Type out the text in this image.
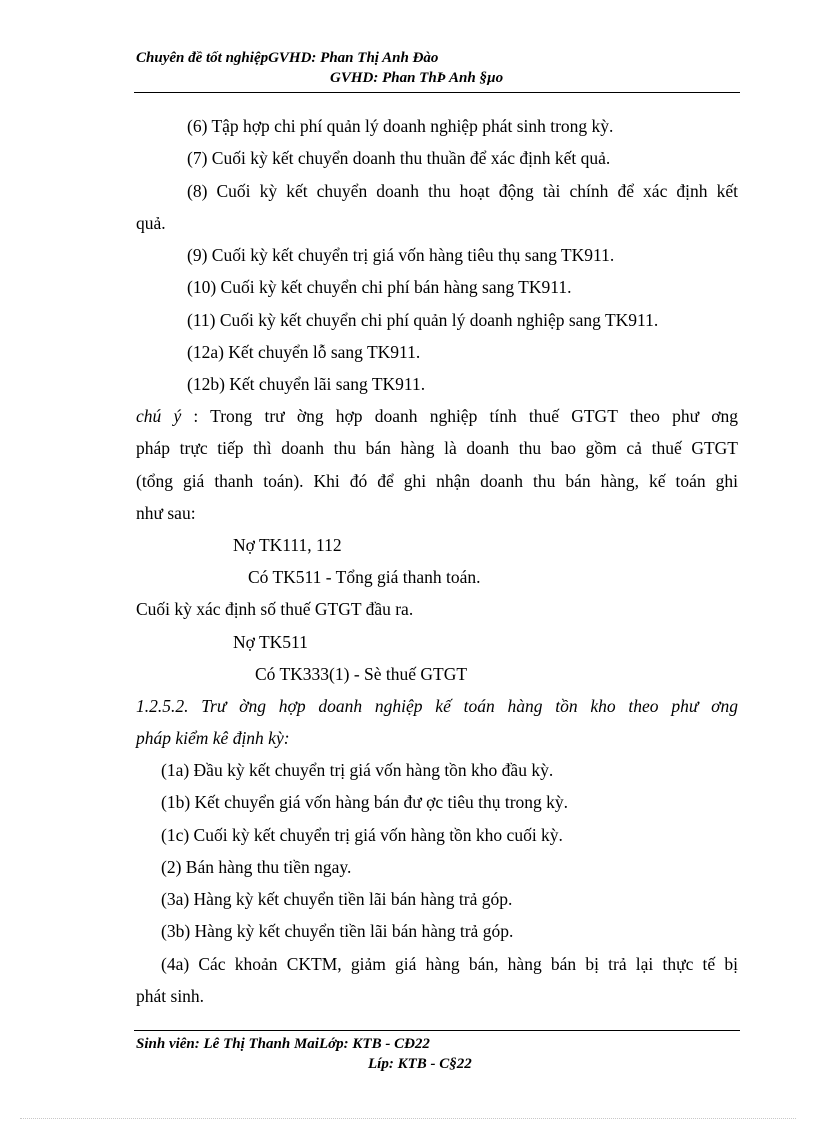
Chuyên đề tốt nghiệpGVHD: Phan Thị Anh Đào
GVHD: Phan ThÞ Anh §µo
(6) Tập hợp chi phí quản lý doanh nghiệp phát sinh trong kỳ.
(7) Cuối kỳ kết chuyển doanh thu thuần để xác định kết quả.
(8) Cuối kỳ kết chuyển doanh thu hoạt động tài chính để xác định kết
quả.
(9) Cuối kỳ kết chuyển trị giá vốn hàng tiêu thụ sang TK911.
(10) Cuối kỳ kết chuyển chi phí bán hàng sang TK911.
(11) Cuối kỳ kết chuyển chi phí quản lý doanh nghiệp sang TK911.
(12a) Kết chuyển lỗ sang TK911.
(12b) Kết chuyển lãi sang TK911.
chú ý : Trong trư ờng hợp doanh nghiệp tính thuế GTGT theo phư ơng
pháp trực tiếp thì doanh thu bán hàng là doanh thu bao gồm cả thuế GTGT
(tổng giá thanh toán). Khi đó để ghi nhận doanh thu bán hàng, kế toán ghi
như sau:
Nợ TK111, 112
Có TK511 - Tổng giá thanh toán.
Cuối kỳ xác định số thuế GTGT đầu ra.
Nợ TK511
Có TK333(1) - Sè thuế GTGT
1.2.5.2. Trư ờng hợp doanh nghiệp kế toán hàng tồn kho theo phư ơng
pháp kiểm kê định kỳ:
(1a) Đầu kỳ kết chuyển trị giá vốn hàng tồn kho đầu kỳ.
(1b) Kết chuyển giá vốn hàng bán đư ợc tiêu thụ trong kỳ.
(1c) Cuối kỳ kết chuyển trị giá vốn hàng tồn kho cuối kỳ.
(2) Bán hàng thu tiền ngay.
(3a) Hàng kỳ kết chuyển tiền lãi bán hàng trả góp.
(3b) Hàng kỳ kết chuyển tiền lãi bán hàng trả góp.
(4a) Các khoản CKTM, giảm giá hàng bán, hàng bán bị trả lại thực tế bị
phát sinh.
Sinh viên: Lê Thị Thanh MaiLớp: KTB - CĐ22
Líp: KTB - C§22
